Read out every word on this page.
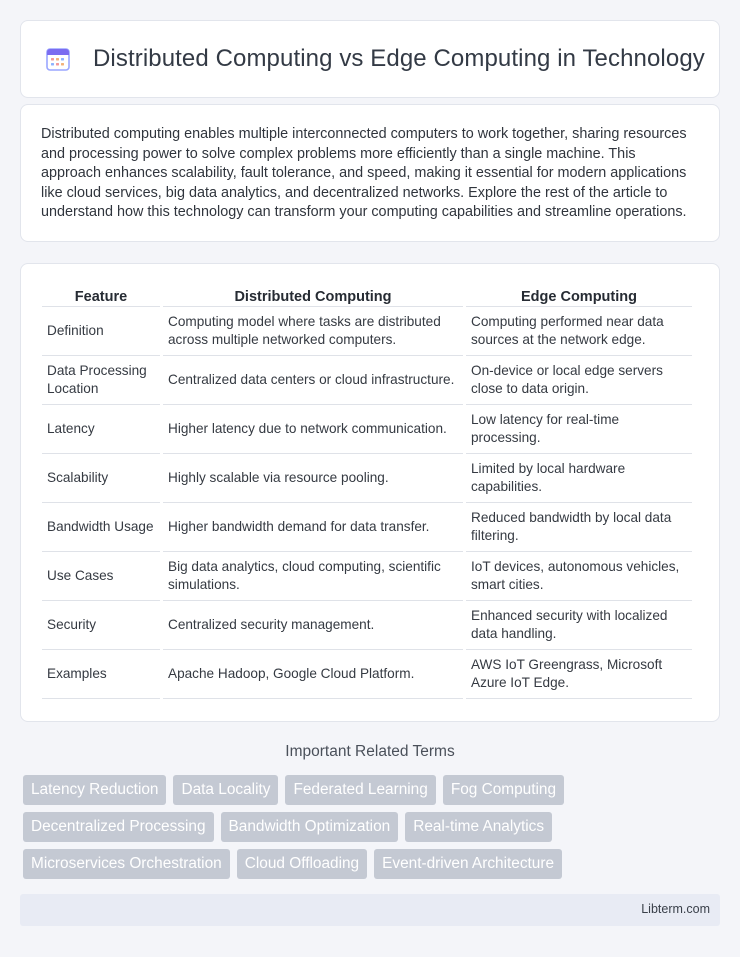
Distributed Computing vs Edge Computing in Technology

Distributed computing enables multiple interconnected computers to work together, sharing resources and processing power to solve complex problems more efficiently than a single machine. This approach enhances scalability, fault tolerance, and speed, making it essential for modern applications like cloud services, big data analytics, and decentralized networks. Explore the rest of the article to understand how this technology can transform your computing capabilities and streamline operations.

Feature	Distributed Computing	Edge Computing
Definition	Computing model where tasks are distributed across multiple networked computers.	Computing performed near data sources at the network edge.
Data Processing Location	Centralized data centers or cloud infrastructure.	On-device or local edge servers close to data origin.
Latency	Higher latency due to network communication.	Low latency for real-time processing.
Scalability	Highly scalable via resource pooling.	Limited by local hardware capabilities.
Bandwidth Usage	Higher bandwidth demand for data transfer.	Reduced bandwidth by local data filtering.
Use Cases	Big data analytics, cloud computing, scientific simulations.	IoT devices, autonomous vehicles, smart cities.
Security	Centralized security management.	Enhanced security with localized data handling.
Examples	Apache Hadoop, Google Cloud Platform.	AWS IoT Greengrass, Microsoft Azure IoT Edge.
Important Related Terms
Latency Reduction	Data Locality	Federated Learning	Fog Computing
Decentralized Processing	Bandwidth Optimization	Real-time Analytics
Microservices Orchestration	Cloud Offloading	Event-driven Architecture
Libterm.com
